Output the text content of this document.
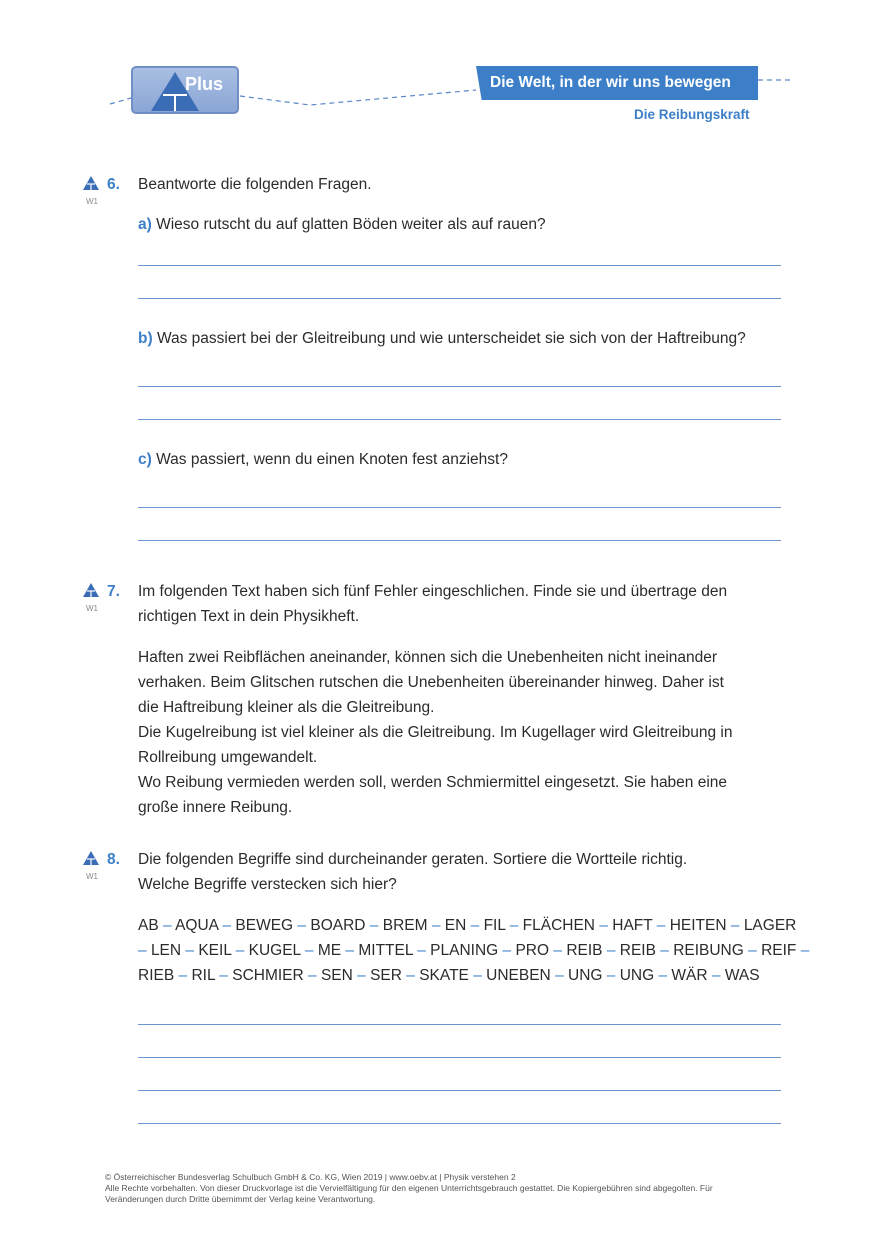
Plus	Die Welt, in der wir uns bewegen
Die Reibungskraft
W1
6. Beantworte die folgenden Fragen.
a) Wieso rutscht du auf glatten Böden weiter als auf rauen?
b) Was passiert bei der Gleitreibung und wie unterscheidet sie sich von der Haftreibung?
c) Was passiert, wenn du einen Knoten fest anziehst?
W1
7. Im folgenden Text haben sich fünf Fehler eingeschlichen. Finde sie und übertrage den
richtigen Text in dein Physikheft.
Haften zwei Reibflächen aneinander, können sich die Unebenheiten nicht ineinander
verhaken. Beim Glitschen rutschen die Unebenheiten übereinander hinweg. Daher ist
die Haftreibung kleiner als die Gleitreibung.
Die Kugelreibung ist viel kleiner als die Gleitreibung. Im Kugellager wird Gleitreibung in
Rollreibung umgewandelt.
Wo Reibung vermieden werden soll, werden Schmiermittel eingesetzt. Sie haben eine
große innere Reibung.
W1
8. Die folgenden Begriffe sind durcheinander geraten. Sortiere die Wortteile richtig.
Welche Begriffe verstecken sich hier?
AB – AQUA – BEWEG – BOARD – BREM – EN – FIL – FLÄCHEN – HAFT – HEITEN – LAGER
– LEN – KEIL – KUGEL – ME – MITTEL – PLANING – PRO – REIB – REIB – REIBUNG – REIF –
RIEB – RIL – SCHMIER – SEN – SER – SKATE – UNEBEN – UNG – UNG – WÄR – WAS
© Österreichischer Bundesverlag Schulbuch GmbH & Co. KG, Wien 2019 | www.oebv.at | Physik verstehen 2
Alle Rechte vorbehalten. Von dieser Druckvorlage ist die Vervielfältigung für den eigenen Unterrichtsgebrauch gestattet. Die Kopiergebühren sind abgegolten. Für
Veränderungen durch Dritte übernimmt der Verlag keine Verantwortung.
